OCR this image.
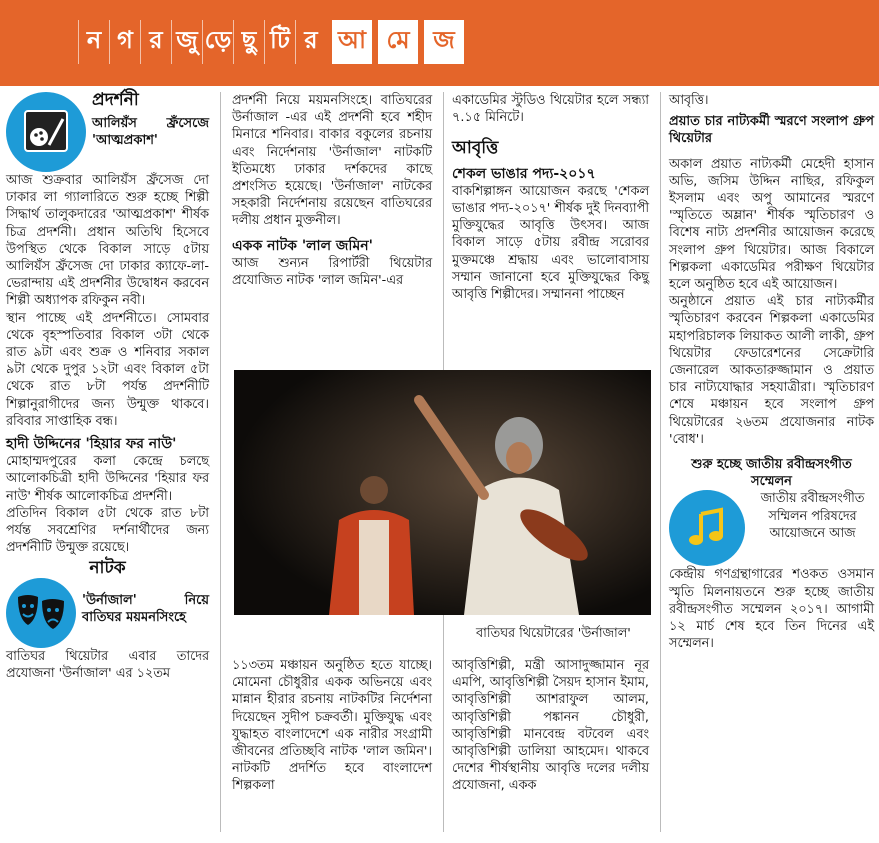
ন গ র জু ড়ে ছু টি র আ মে জ

প্রদর্শনী

আলিয়ঁস ফ্রঁসেজে 'আত্মপ্রকাশ'

আজ শুক্রবার আলিয়ঁস ফ্রঁসেজ দো ঢাকার লা গ্যালারিতে শুরু হচ্ছে শিল্পী সিদ্ধার্থ তালুকদারের 'আত্মপ্রকাশ' শীর্ষক চিত্র প্রদর্শনী। প্রধান অতিথি হিসেবে উপস্থিত থেকে বিকাল সাড়ে ৫টায় আলিয়ঁস ফ্রঁসেজ দো ঢাকার ক্যাফে-লা-ভেরান্দায় এই প্রদর্শনীর উদ্বোধন করবেন শিল্পী অধ্যাপক রফিকুন নবী।

স্থান পাচ্ছে এই প্রদর্শনীতে। সোমবার থেকে বৃহস্পতিবার বিকাল ৩টা থেকে রাত ৯টা এবং শুক্র ও শনিবার সকাল ৯টা থেকে দুপুর ১২টা এবং বিকাল ৫টা থেকে রাত ৮টা পর্যন্ত প্রদর্শনীটি শিল্পানুরাগীদের জন্য উন্মুক্ত থাকবে। রবিবার সাপ্তাহিক বন্ধ।

হাদী উদ্দিনের 'হিয়ার ফর নাউ'

মোহাম্মদপুরের কলা কেন্দ্রে চলছে আলোকচিত্রী হাদী উদ্দিনের 'হিয়ার ফর নাউ' শীর্ষক আলোকচিত্র প্রদর্শনী।

প্রতিদিন বিকাল ৫টা থেকে রাত ৮টা পর্যন্ত সবশ্রেণির দর্শনার্থীদের জন্য প্রদর্শনীটি উন্মুক্ত রয়েছে।

নাটক

'উর্নাজাল' নিয়ে বাতিঘর ময়মনসিংহে

বাতিঘর থিয়েটার এবার তাদের প্রযোজনা 'উর্নাজাল' এর ১২তম

প্রদর্শনী নিয়ে ময়মনসিংহে। বাতিঘরের উর্নাজাল -এর এই প্রদর্শনী হবে শহীদ মিনারে শনিবার। বাকার বকুলের রচনায় এবং নির্দেশনায় 'উর্নাজাল' নাটকটি ইতিমধ্যে ঢাকার দর্শকদের কাছে প্রশংসিত হয়েছে। 'উর্নাজাল' নাটকের সহকারী নির্দেশনায় রয়েছেন বাতিঘরের দলীয় প্রধান মুক্তনীল।

একক নাটক 'লাল জমিন'

আজ শুন্যন রিপার্টরী থিয়েটার প্রযোজিত নাটক 'লাল জমিন'-এর

১১৩তম মঞ্চায়ন অনুষ্ঠিত হতে যাচ্ছে। মোমেনা চৌধুরীর একক অভিনয়ে এবং মান্নান হীরার রচনায় নাটকটির নির্দেশনা দিয়েছেন সুদীপ চক্রবর্তী। মুক্তিযুদ্ধ এবং যুদ্ধাহত বাংলাদেশে এক নারীর সংগ্রামী জীবনের প্রতিচ্ছবি নাটক 'লাল জমিন'। নাটকটি প্রদর্শিত হবে বাংলাদেশ শিল্পকলা

একাডেমির স্টুডিও থিয়েটার হলে সন্ধ্যা ৭.১৫ মিনিটে।

আবৃত্তি

শেকল ভাঙার পদ্য-২০১৭

বাকশিল্পাঙ্গন আয়োজন করছে 'শেকল ভাঙার পদ্য-২০১৭' শীর্ষক দুই দিনব্যাপী মুক্তিযুদ্ধের আবৃত্তি উৎসব। আজ বিকাল সাড়ে ৫টায় রবীন্দ্র সরোবর মুক্তমঞ্চে শ্রদ্ধায় এবং ভালোবাসায় সম্মান জানানো হবে মুক্তিযুদ্ধের কিছু আবৃত্তি শিল্পীদের। সম্মাননা পাচ্ছেন

আবৃত্তিশিল্পী, মন্ত্রী আসাদুজ্জামান নূর এমপি, আবৃত্তিশিল্পী সৈয়দ হাসান ইমাম, আবৃত্তিশিল্পী আশরাফুল আলম, আবৃত্তিশিল্পী পঙ্কানন চৌধুরী, আবৃত্তিশিল্পী মানবেন্দ্র বটবেল এবং আবৃত্তিশিল্পী ডালিয়া আহমেদ। থাকবে দেশের শীর্ষস্থানীয় আবৃত্তি দলের দলীয় প্রযোজনা, একক

বাতিঘর থিয়েটারের 'উর্নাজাল'

আবৃত্তি।

প্রয়াত চার নাট্যকর্মী স্মরণে সংলাপ গ্রুপ থিয়েটার

অকাল প্রয়াত নাট্যকর্মী মেহেদী হাসান অভি, জসিম উদ্দিন নাছির, রফিকুল ইসলাম এবং অপু আমানের স্মরণে 'স্মৃতিতে অম্লান' শীর্ষক স্মৃতিচারণ ও বিশেষ নাট্য প্রদর্শনীর আয়োজন করেছে সংলাপ গ্রুপ থিয়েটার। আজ বিকালে শিল্পকলা একাডেমির পরীক্ষণ থিয়েটার হলে অনুষ্ঠিত হবে এই আয়োজন।

অনুষ্ঠানে প্রয়াত এই চার নাট্যকর্মীর স্মৃতিচারণ করবেন শিল্পকলা একাডেমির মহাপরিচালক লিয়াকত আলী লাকী, গ্রুপ থিয়েটার ফেডারেশনের সেক্রেটারি জেনারেল আকতারুজ্জামান ও প্রয়াত চার নাট্যযোদ্ধার সহযাত্রীরা। স্মৃতিচারণ শেষে মঞ্চায়ন হবে সংলাপ গ্রুপ থিয়েটারের ২৬তম প্রযোজনার নাটক 'বোধ'।

শুরু হচ্ছে জাতীয় রবীন্দ্রসংগীত সম্মেলন

জাতীয় রবীন্দ্রসংগীত সম্মিলন পরিষদের আয়োজনে আজ

কেন্দ্রীয় গণগ্রন্থাগারের শওকত ওসমান স্মৃতি মিলনায়তনে শুরু হচ্ছে জাতীয় রবীন্দ্রসংগীত সম্মেলন ২০১৭। আগামী ১২ মার্চ শেষ হবে তিন দিনের এই সম্মেলন।
